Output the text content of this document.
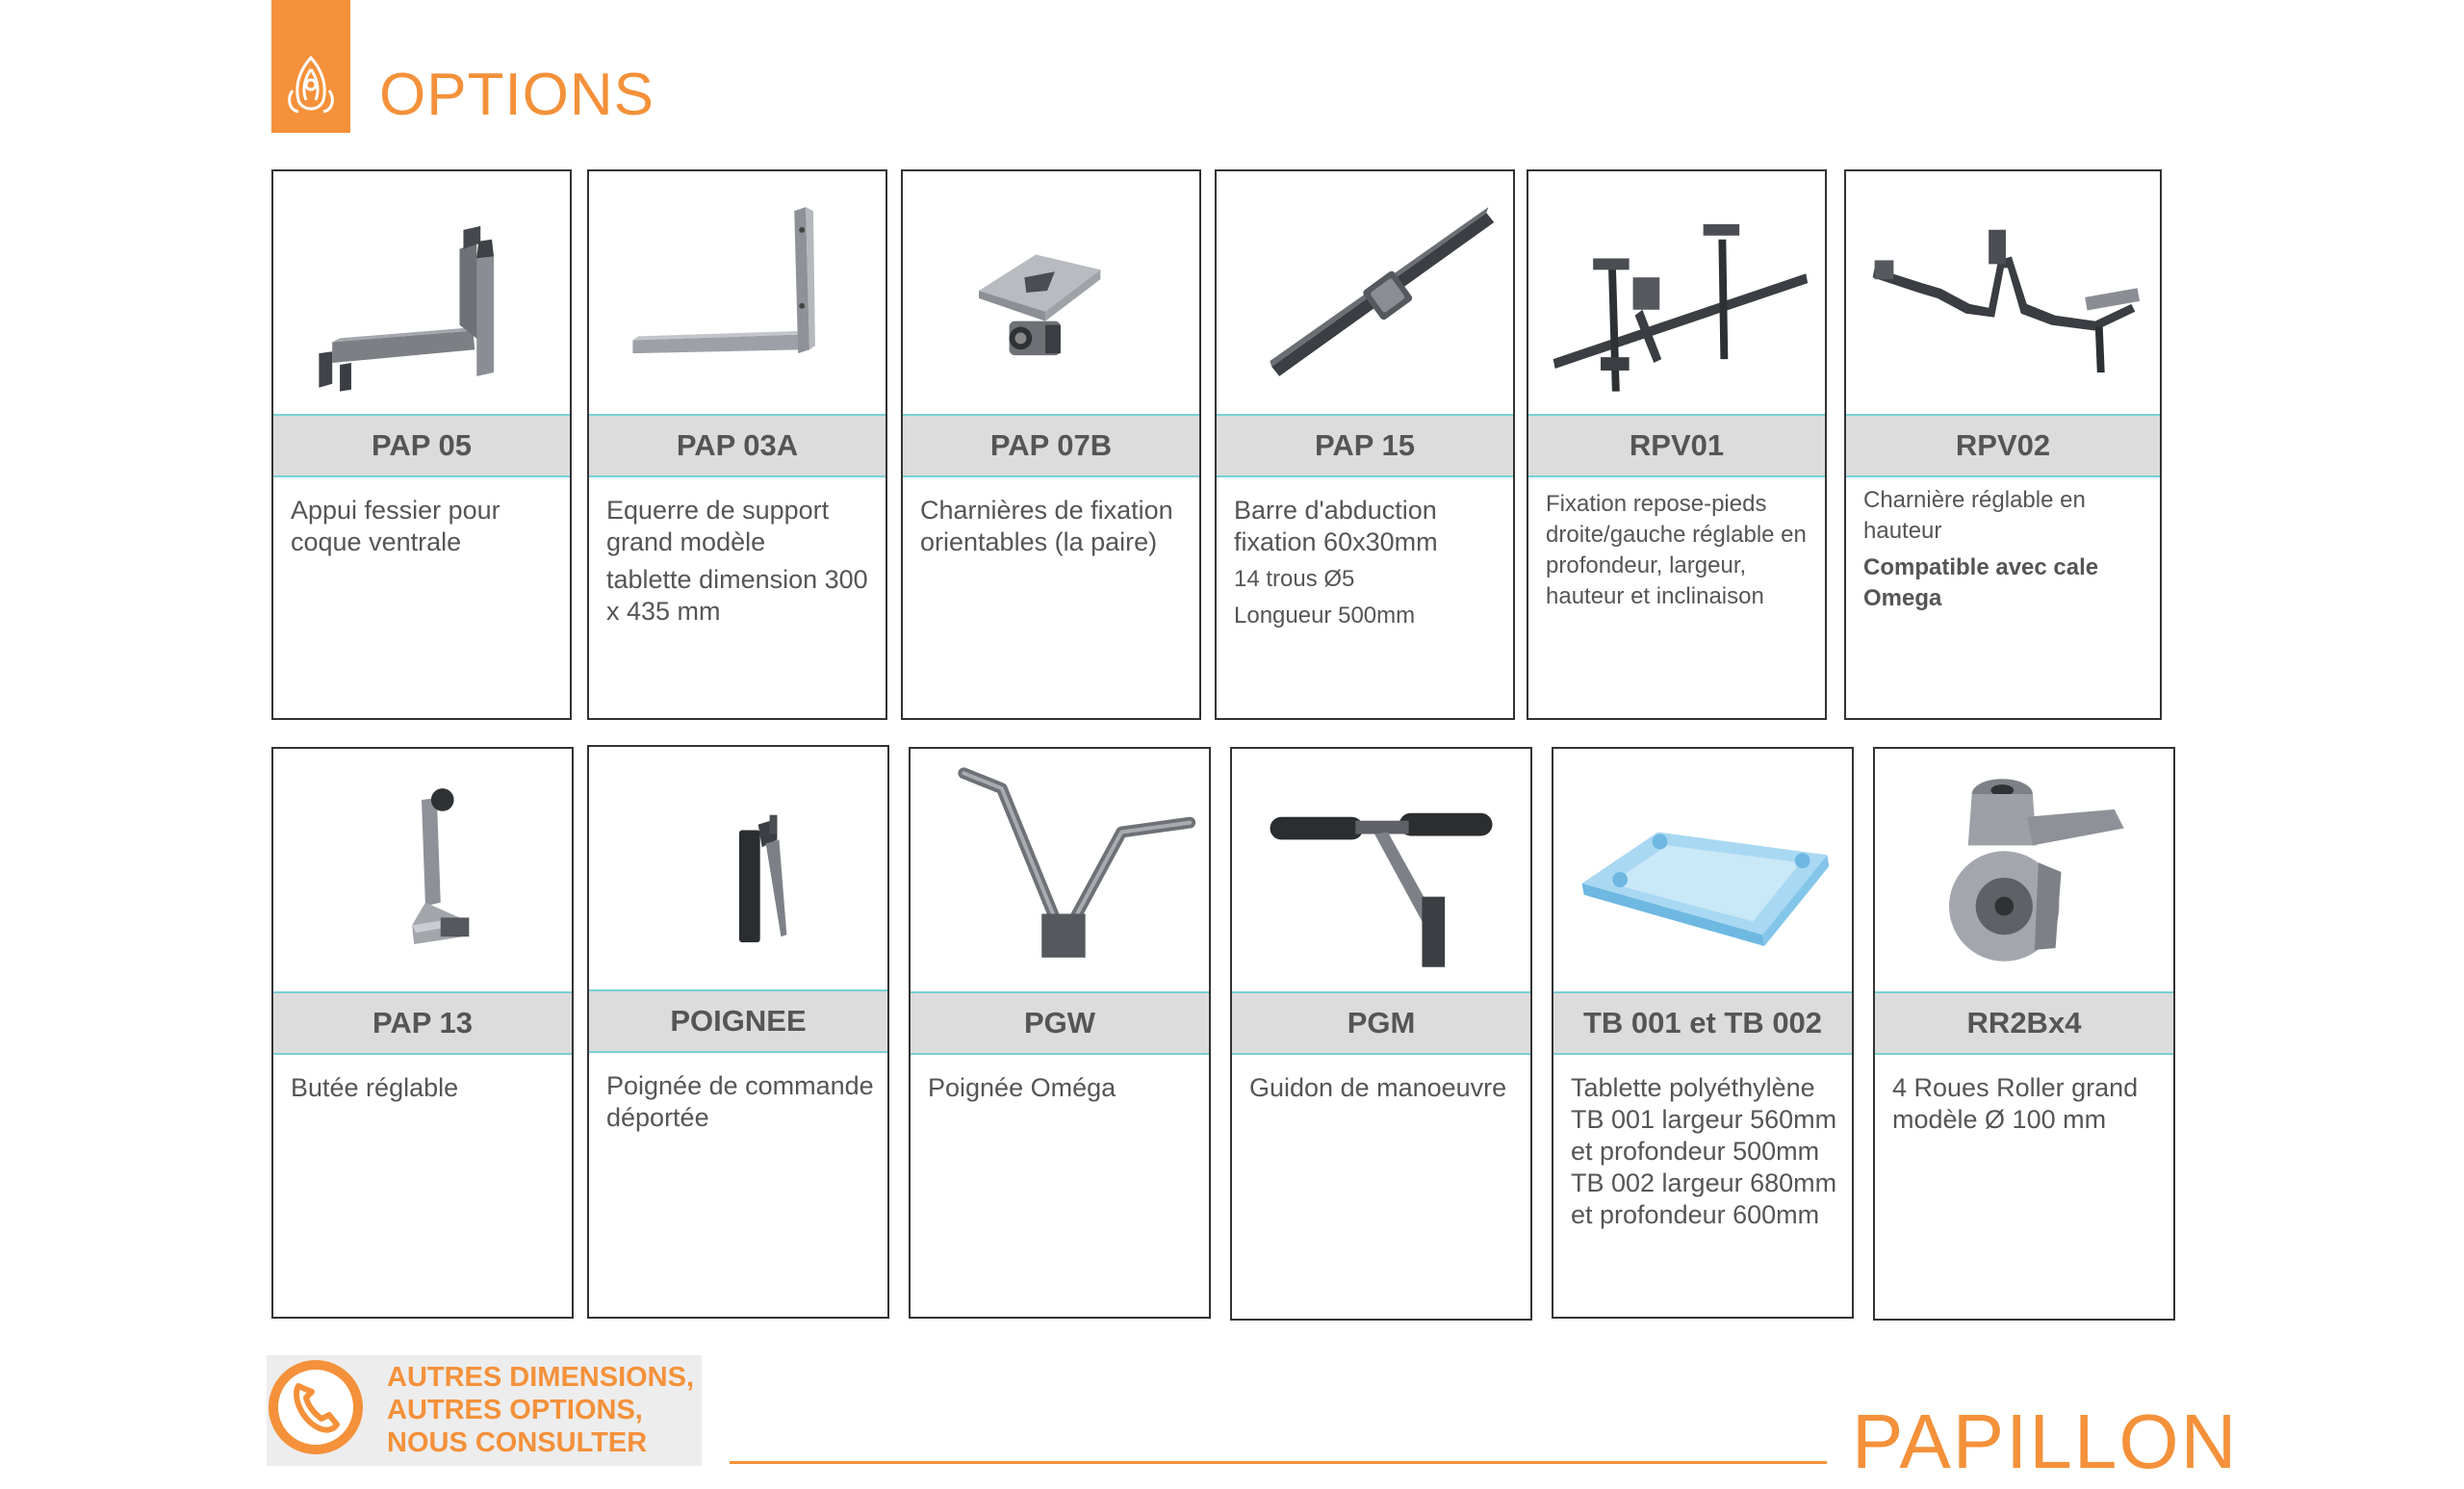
OPTIONS
PAP 05

Appui fessier pour coque ventrale

PAP 03A

Equerre de support grand modèle

tablette dimension 300 x 435 mm

PAP 07B

Charnières de fixation orientables (la paire)

PAP 15

Barre d'abduction fixation 60x30mm

14 trous Ø5

Longueur 500mm

RPV01

Fixation repose-pieds droite/gauche réglable en profondeur, largeur, hauteur et inclinaison

RPV02

Charnière réglable en hauteur

Compatible avec cale Omega

PAP 13

Butée réglable

POIGNEE

Poignée de commande déportée

PGW

Poignée Oméga

PGM

Guidon de manoeuvre

TB 001 et TB 002

Tablette polyéthylène TB 001 largeur 560mm

et profondeur 500mm TB 002 largeur 680mm

et profondeur 600mm

RR2Bx4

4 Roues Roller grand modèle Ø 100 mm

AUTRES DIMENSIONS,
AUTRES OPTIONS,
NOUS CONSULTER	PAPILLON
